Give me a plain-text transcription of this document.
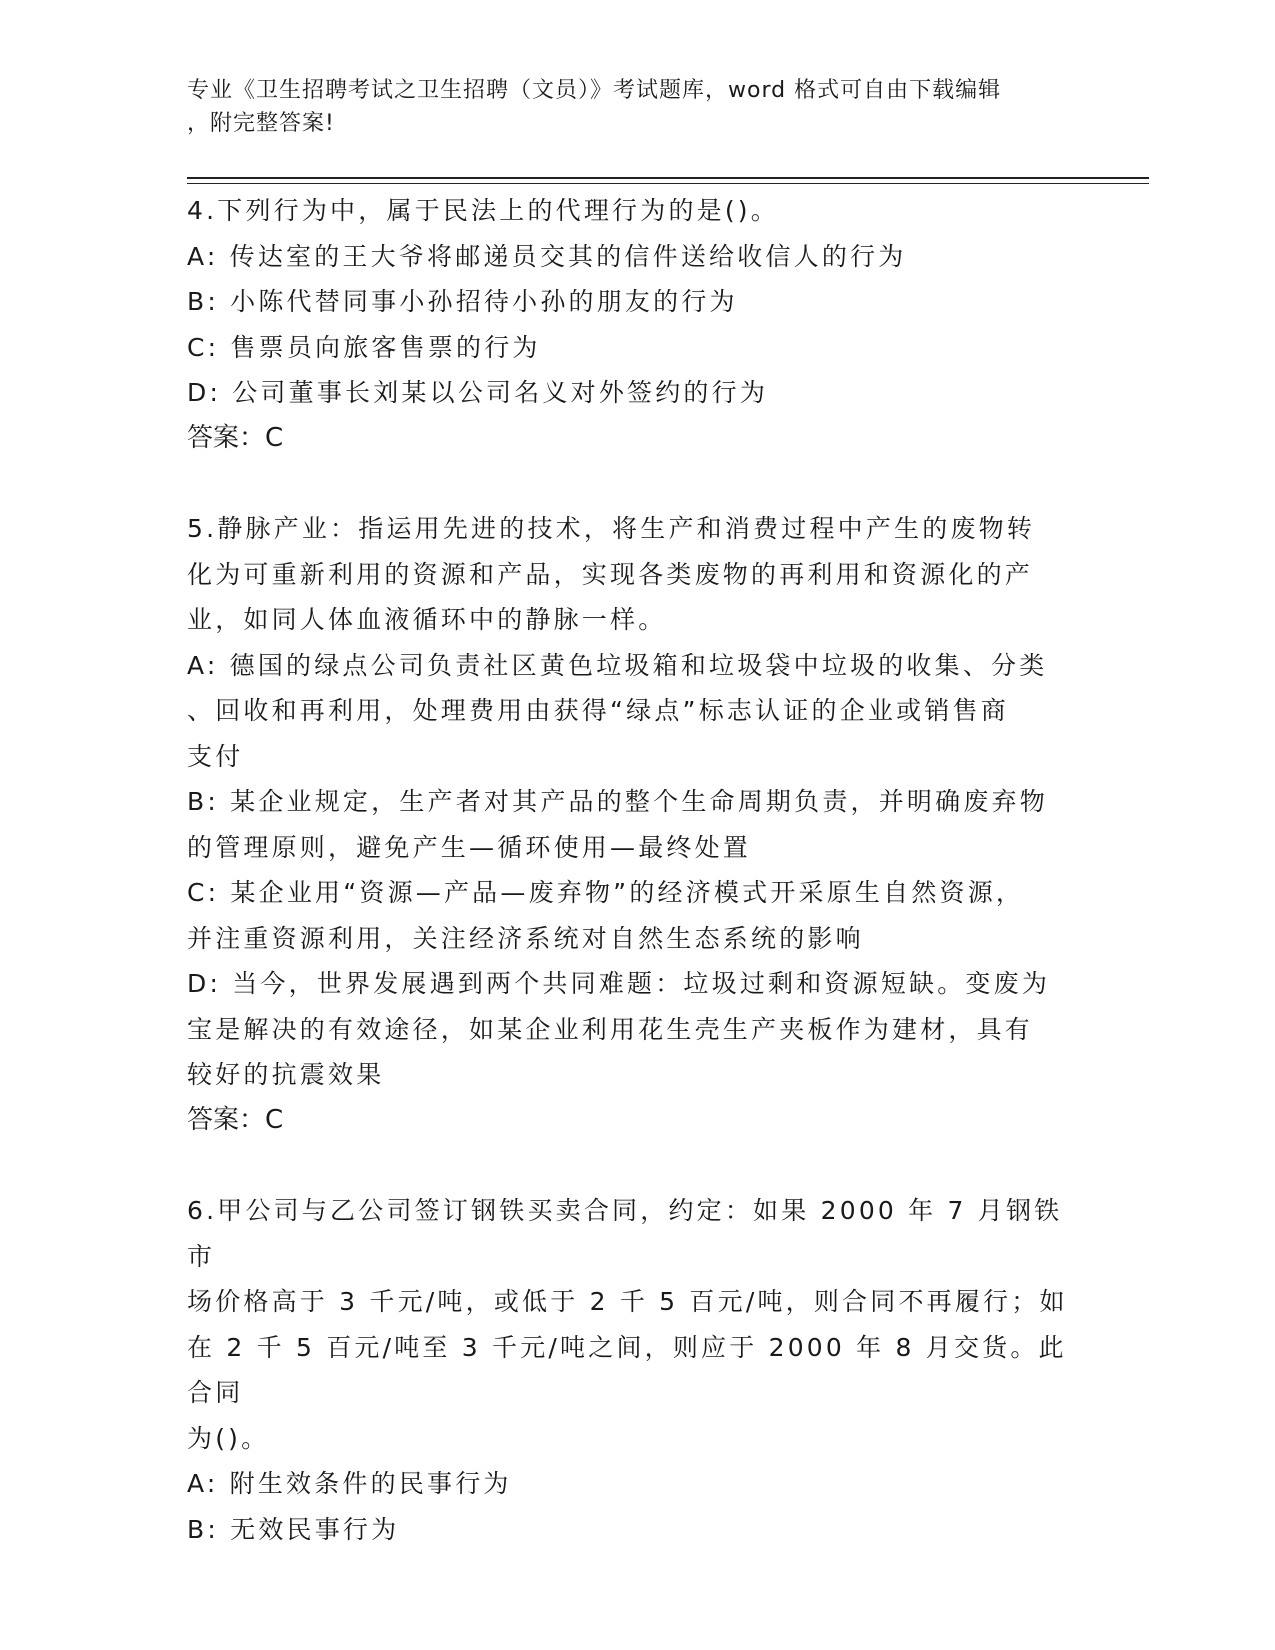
专业《卫生招聘考试之卫生招聘（文员）》考试题库，word 格式可自由下载编辑
，附完整答案!

4.下列行为中，属于民法上的代理行为的是()。

A: 传达室的王大爷将邮递员交其的信件送给收信人的行为

B: 小陈代替同事小孙招待小孙的朋友的行为

C: 售票员向旅客售票的行为

D: 公司董事长刘某以公司名义对外签约的行为

答案：C

5.静脉产业：指运用先进的技术，将生产和消费过程中产生的废物转

化为可重新利用的资源和产品，实现各类废物的再利用和资源化的产

业，如同人体血液循环中的静脉一样。

A: 德国的绿点公司负责社区黄色垃圾箱和垃圾袋中垃圾的收集、分类

、回收和再利用，处理费用由获得“绿点”标志认证的企业或销售商

支付

B: 某企业规定，生产者对其产品的整个生命周期负责，并明确废弃物

的管理原则，避免产生—循环使用—最终处置

C: 某企业用“资源—产品—废弃物”的经济模式开采原生自然资源，

并注重资源利用，关注经济系统对自然生态系统的影响

D: 当今，世界发展遇到两个共同难题：垃圾过剩和资源短缺。变废为

宝是解决的有效途径，如某企业利用花生壳生产夹板作为建材，具有

较好的抗震效果

答案：C

6.甲公司与乙公司签订钢铁买卖合同，约定：如果 2000 年 7 月钢铁市

场价格高于 3 千元/吨，或低于 2 千 5 百元/吨，则合同不再履行；如

在 2 千 5 百元/吨至 3 千元/吨之间，则应于 2000 年 8 月交货。此合同

为()。

A: 附生效条件的民事行为

B: 无效民事行为
